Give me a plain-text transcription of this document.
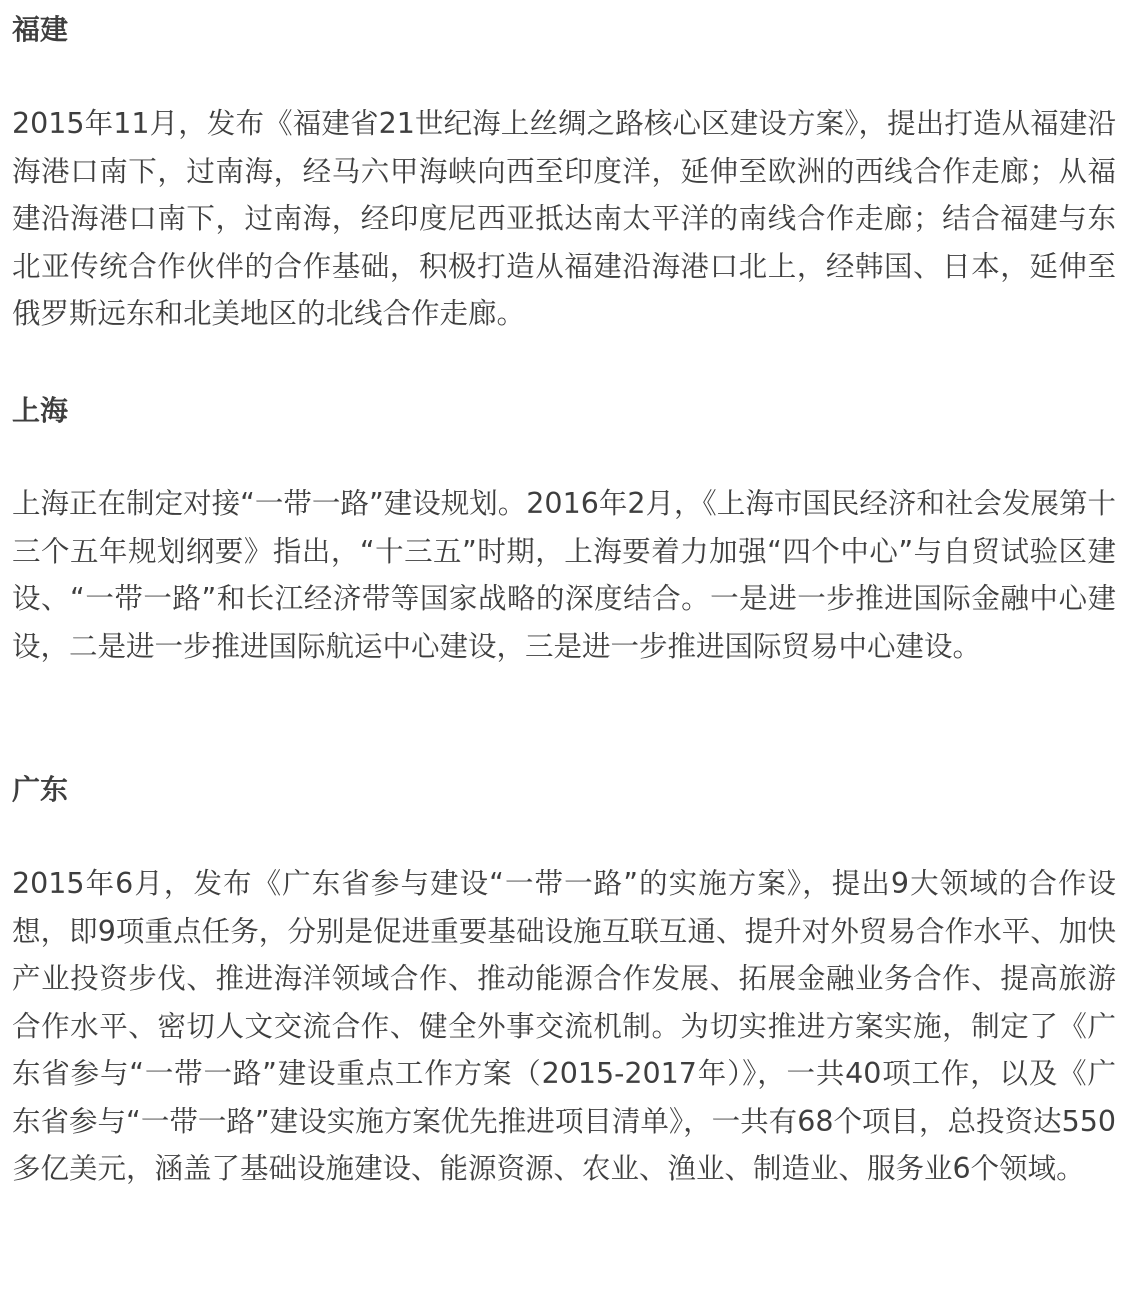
福建

2015年11月，发布《福建省21世纪海上丝绸之路核心区建设方案》，提出打造从福建沿海港口南下，过南海，经马六甲海峡向西至印度洋，延伸至欧洲的西线合作走廊；从福建沿海港口南下，过南海，经印度尼西亚抵达南太平洋的南线合作走廊；结合福建与东北亚传统合作伙伴的合作基础，积极打造从福建沿海港口北上，经韩国、日本，延伸至俄罗斯远东和北美地区的北线合作走廊。

上海

上海正在制定对接“一带一路”建设规划。2016年2月，《上海市国民经济和社会发展第十三个五年规划纲要》指出，“十三五”时期，上海要着力加强“四个中心”与自贸试验区建设、“一带一路”和长江经济带等国家战略的深度结合。一是进一步推进国际金融中心建设，二是进一步推进国际航运中心建设，三是进一步推进国际贸易中心建设。

广东

2015年6月，发布《广东省参与建设“一带一路”的实施方案》，提出9大领域的合作设想，即9项重点任务，分别是促进重要基础设施互联互通、提升对外贸易合作水平、加快产业投资步伐、推进海洋领域合作、推动能源合作发展、拓展金融业务合作、提高旅游合作水平、密切人文交流合作、健全外事交流机制。为切实推进方案实施，制定了《广东省参与“一带一路”建设重点工作方案（2015-2017年）》，一共40项工作，以及《广东省参与“一带一路”建设实施方案优先推进项目清单》，一共有68个项目，总投资达550多亿美元，涵盖了基础设施建设、能源资源、农业、渔业、制造业、服务业6个领域。
